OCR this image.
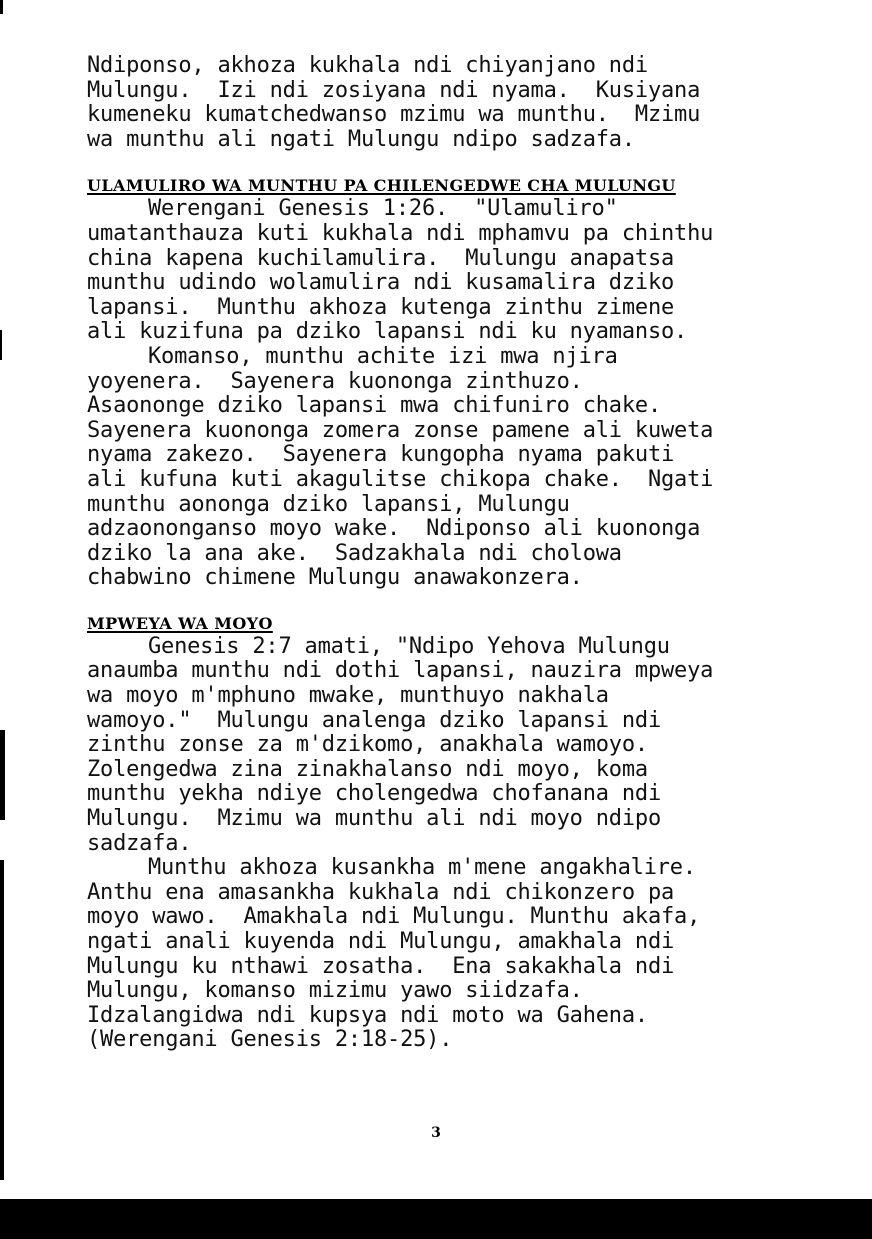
Ndiponso, akhoza kukhala ndi chiyanjano ndi
Mulungu.  Izi ndi zosiyana ndi nyama.  Kusiyana
kumeneku kumatchedwanso mzimu wa munthu.  Mzimu
wa munthu ali ngati Mulungu ndipo sadzafa.
ULAMULIRO WA MUNTHU PA CHILENGEDWE CHA MULUNGU
Werengani Genesis 1:26.  "Ulamuliro"
umatanthauza kuti kukhala ndi mphamvu pa chinthu
china kapena kuchilamulira.  Mulungu anapatsa
munthu udindo wolamulira ndi kusamalira dziko
lapansi.  Munthu akhoza kutenga zinthu zimene
ali kuzifuna pa dziko lapansi ndi ku nyamanso.
Komanso, munthu achite izi mwa njira
yoyenera.  Sayenera kuononga zinthuzo.
Asaononge dziko lapansi mwa chifuniro chake.
Sayenera kuononga zomera zonse pamene ali kuweta
nyama zakezo.  Sayenera kungopha nyama pakuti
ali kufuna kuti akagulitse chikopa chake.  Ngati
munthu aononga dziko lapansi, Mulungu
adzaononganso moyo wake.  Ndiponso ali kuononga
dziko la ana ake.  Sadzakhala ndi cholowa
chabwino chimene Mulungu anawakonzera.
MPWEYA WA MOYO
Genesis 2:7 amati, "Ndipo Yehova Mulungu
anaumba munthu ndi dothi lapansi, nauzira mpweya
wa moyo m'mphuno mwake, munthuyo nakhala
wamoyo."  Mulungu analenga dziko lapansi ndi
zinthu zonse za m'dzikomo, anakhala wamoyo.
Zolengedwa zina zinakhalanso ndi moyo, koma
munthu yekha ndiye cholengedwa chofanana ndi
Mulungu.  Mzimu wa munthu ali ndi moyo ndipo
sadzafa.
Munthu akhoza kusankha m'mene angakhalire.
Anthu ena amasankha kukhala ndi chikonzero pa
moyo wawo.  Amakhala ndi Mulungu. Munthu akafa,
ngati anali kuyenda ndi Mulungu, amakhala ndi
Mulungu ku nthawi zosatha.  Ena sakakhala ndi
Mulungu, komanso mizimu yawo siidzafa.
Idzalangidwa ndi kupsya ndi moto wa Gahena.
(Werengani Genesis 2:18-25).
3
